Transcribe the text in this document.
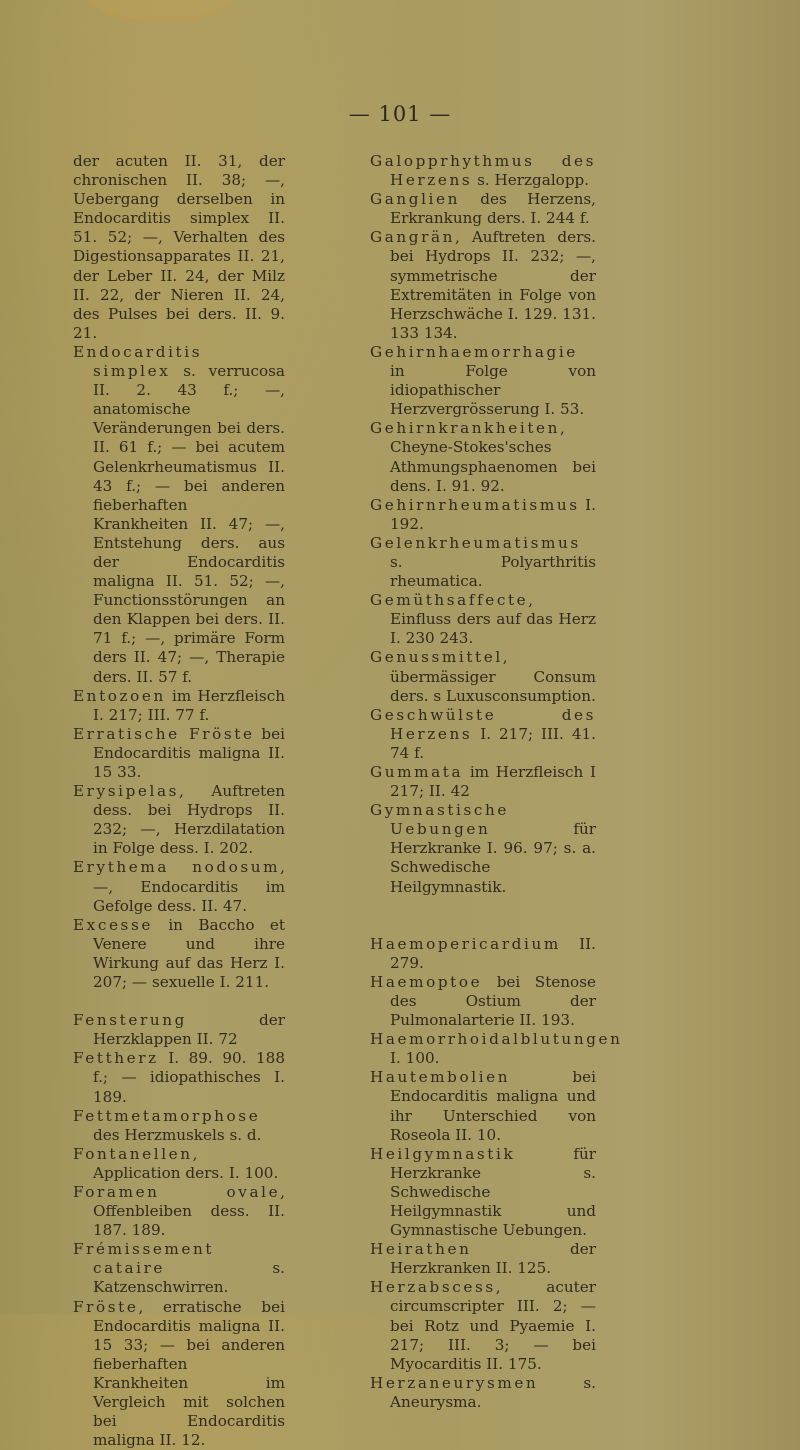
— 101 —

der acuten II. 31, der chronischen II. 38; —, Uebergang derselben in Endocarditis simplex II. 51. 52; —, Verhalten des Digestionsapparates II. 21, der Leber II. 24, der Milz II. 22, der Nieren II. 24, des Pulses bei ders. II. 9. 21.

Endocarditis simplex s. verrucosa II. 2. 43 f.; —, anatomische Veränderungen bei ders. II. 61 f.; — bei acutem Gelenkrheumatismus II. 43 f.; — bei anderen fieberhaften Krankheiten II. 47; —, Entstehung ders. aus der Endocarditis maligna II. 51. 52; —, Functionsstörungen an den Klappen bei ders. II. 71 f.; —, primäre Form ders II. 47; —, Therapie ders. II. 57 f.

Entozoen im Herzfleisch I. 217; III. 77 f.

Erratische Fröste bei Endocarditis maligna II. 15 33.

Erysipelas, Auftreten dess. bei Hydrops II. 232; —, Herzdilatation in Folge dess. I. 202.

Erythema nodosum, —, Endocarditis im Gefolge dess. II. 47.

Excesse in Baccho et Venere und ihre Wirkung auf das Herz I. 207; — sexuelle I. 211.

Fensterung der Herzklappen II. 72

Fettherz I. 89. 90. 188 f.; — idiopathisches I. 189.

Fettmetamorphose des Herzmuskels s. d.

Fontanellen, Application ders. I. 100.

Foramen ovale, Offenbleiben dess. II. 187. 189.

Frémissement cataire s. Katzenschwirren.

Fröste, erratische bei Endocarditis maligna II. 15 33; — bei anderen fieberhaften Krankheiten im Vergleich mit solchen bei Endocarditis maligna II. 12.

Galopprhythmus des Herzens s. Herzgalopp.

Ganglien des Herzens, Erkrankung ders. I. 244 f.

Gangrän, Auftreten ders. bei Hydrops II. 232; —, symmetrische der Extremitäten in Folge von Herzschwäche I. 129. 131. 133 134.

Gehirnhaemorrhagie in Folge von idiopathischer Herzvergrösserung I. 53.

Gehirnkrankheiten, Cheyne-Stokes'sches Athmungsphaenomen bei dens. I. 91. 92.

Gehirnrheumatismus I. 192.

Gelenkrheumatismus s. Polyarthritis rheumatica.

Gemüthsaffecte, Einfluss ders auf das Herz I. 230 243.

Genussmittel, übermässiger Consum ders. s Luxusconsumption.

Geschwülste des Herzens I. 217; III. 41. 74 f.

Gummata im Herzfleisch I 217; II. 42

Gymnastische Uebungen für Herzkranke I. 96. 97; s. a. Schwedische Heilgymnastik.

Haemopericardium II. 279.

Haemoptoe bei Stenose des Ostium der Pulmonalarterie II. 193.

Haemorrhoidalblutungen I. 100.

Hautembolien bei Endocarditis maligna und ihr Unterschied von Roseola II. 10.

Heilgymnastik für Herzkranke s. Schwedische Heilgymnastik und Gymnastische Uebungen.

Heirathen der Herzkranken II. 125.

Herzabscess, acuter circumscripter III. 2; — bei Rotz und Pyaemie I. 217; III. 3; — bei Myocarditis II. 175.

Herzaneurysmen s. Aneurysma.
